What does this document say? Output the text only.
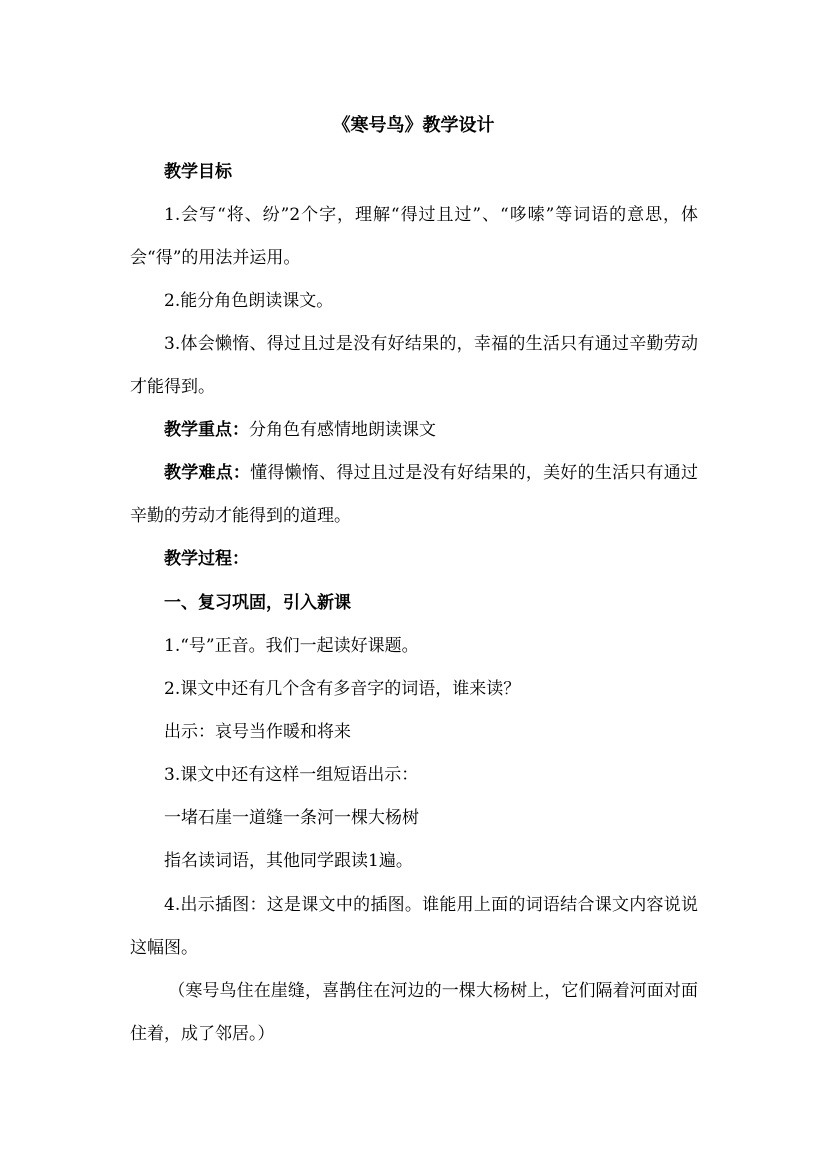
《寒号鸟》教学设计
教学目标
1.会写“将、纷”2个字，理解“得过且过”、“哆嗦”等词语的意思，体会“得”的用法并运用。
2.能分角色朗读课文。
3.体会懒惰、得过且过是没有好结果的，幸福的生活只有通过辛勤劳动才能得到。
教学重点：分角色有感情地朗读课文
教学难点：懂得懒惰、得过且过是没有好结果的，美好的生活只有通过辛勤的劳动才能得到的道理。
教学过程：
一、复习巩固，引入新课
1.“号”正音。我们一起读好课题。
2.课文中还有几个含有多音字的词语，谁来读？
出示：哀号当作暖和将来
3.课文中还有这样一组短语出示：
一堵石崖一道缝一条河一棵大杨树
指名读词语，其他同学跟读1遍。
4.出示插图：这是课文中的插图。谁能用上面的词语结合课文内容说说这幅图。
（寒号鸟住在崖缝，喜鹊住在河边的一棵大杨树上，它们隔着河面对面住着，成了邻居。）
